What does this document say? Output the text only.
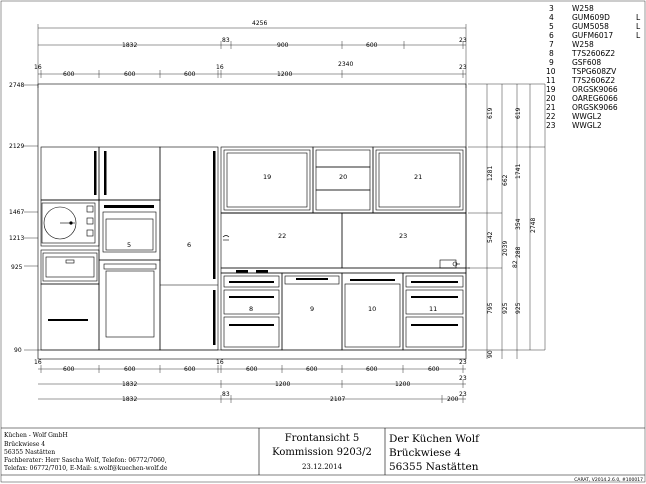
4256
1832
83
900	600
23
16
600	600	600
16
1200
2340	23
2748
2129
1467
1213
925
90
19	20	21
22	23
5	6
8	9	10	11
619	619
1281	1741
2748
662
542
2039
354
288
82
795 925 925
90
16
600	600	600
16
600	600	600	600
23
1832	1200	1200
23
1832
83
2107	200
23
3 W258
4 GUM609D	L
5 GUM5058	L
6 GUFM6017	L
7 W258
8 T7S2606Z2
9 GSF608
10 TSPG608ZV
11 T7S2606Z2
19 ORGSK9066
20 OAREG6066
21 ORGSK9066
22 WWGL2
23 WWGL2
Küchen - Wolf GmbH
Brückwiese 4
56355 Nastätten
Fachberater: Herr Sascha Wolf, Telefon: 06772/7060,
Telefax: 06772/7010, E-Mail: s.wolf@kuechen-wolf.de
Frontansicht 5
Kommission 9203/2
23.12.2014
Der Küchen Wolf
Brückwiese 4
56355 Nastätten
CARAT, V2014.2.6.0, #100017
